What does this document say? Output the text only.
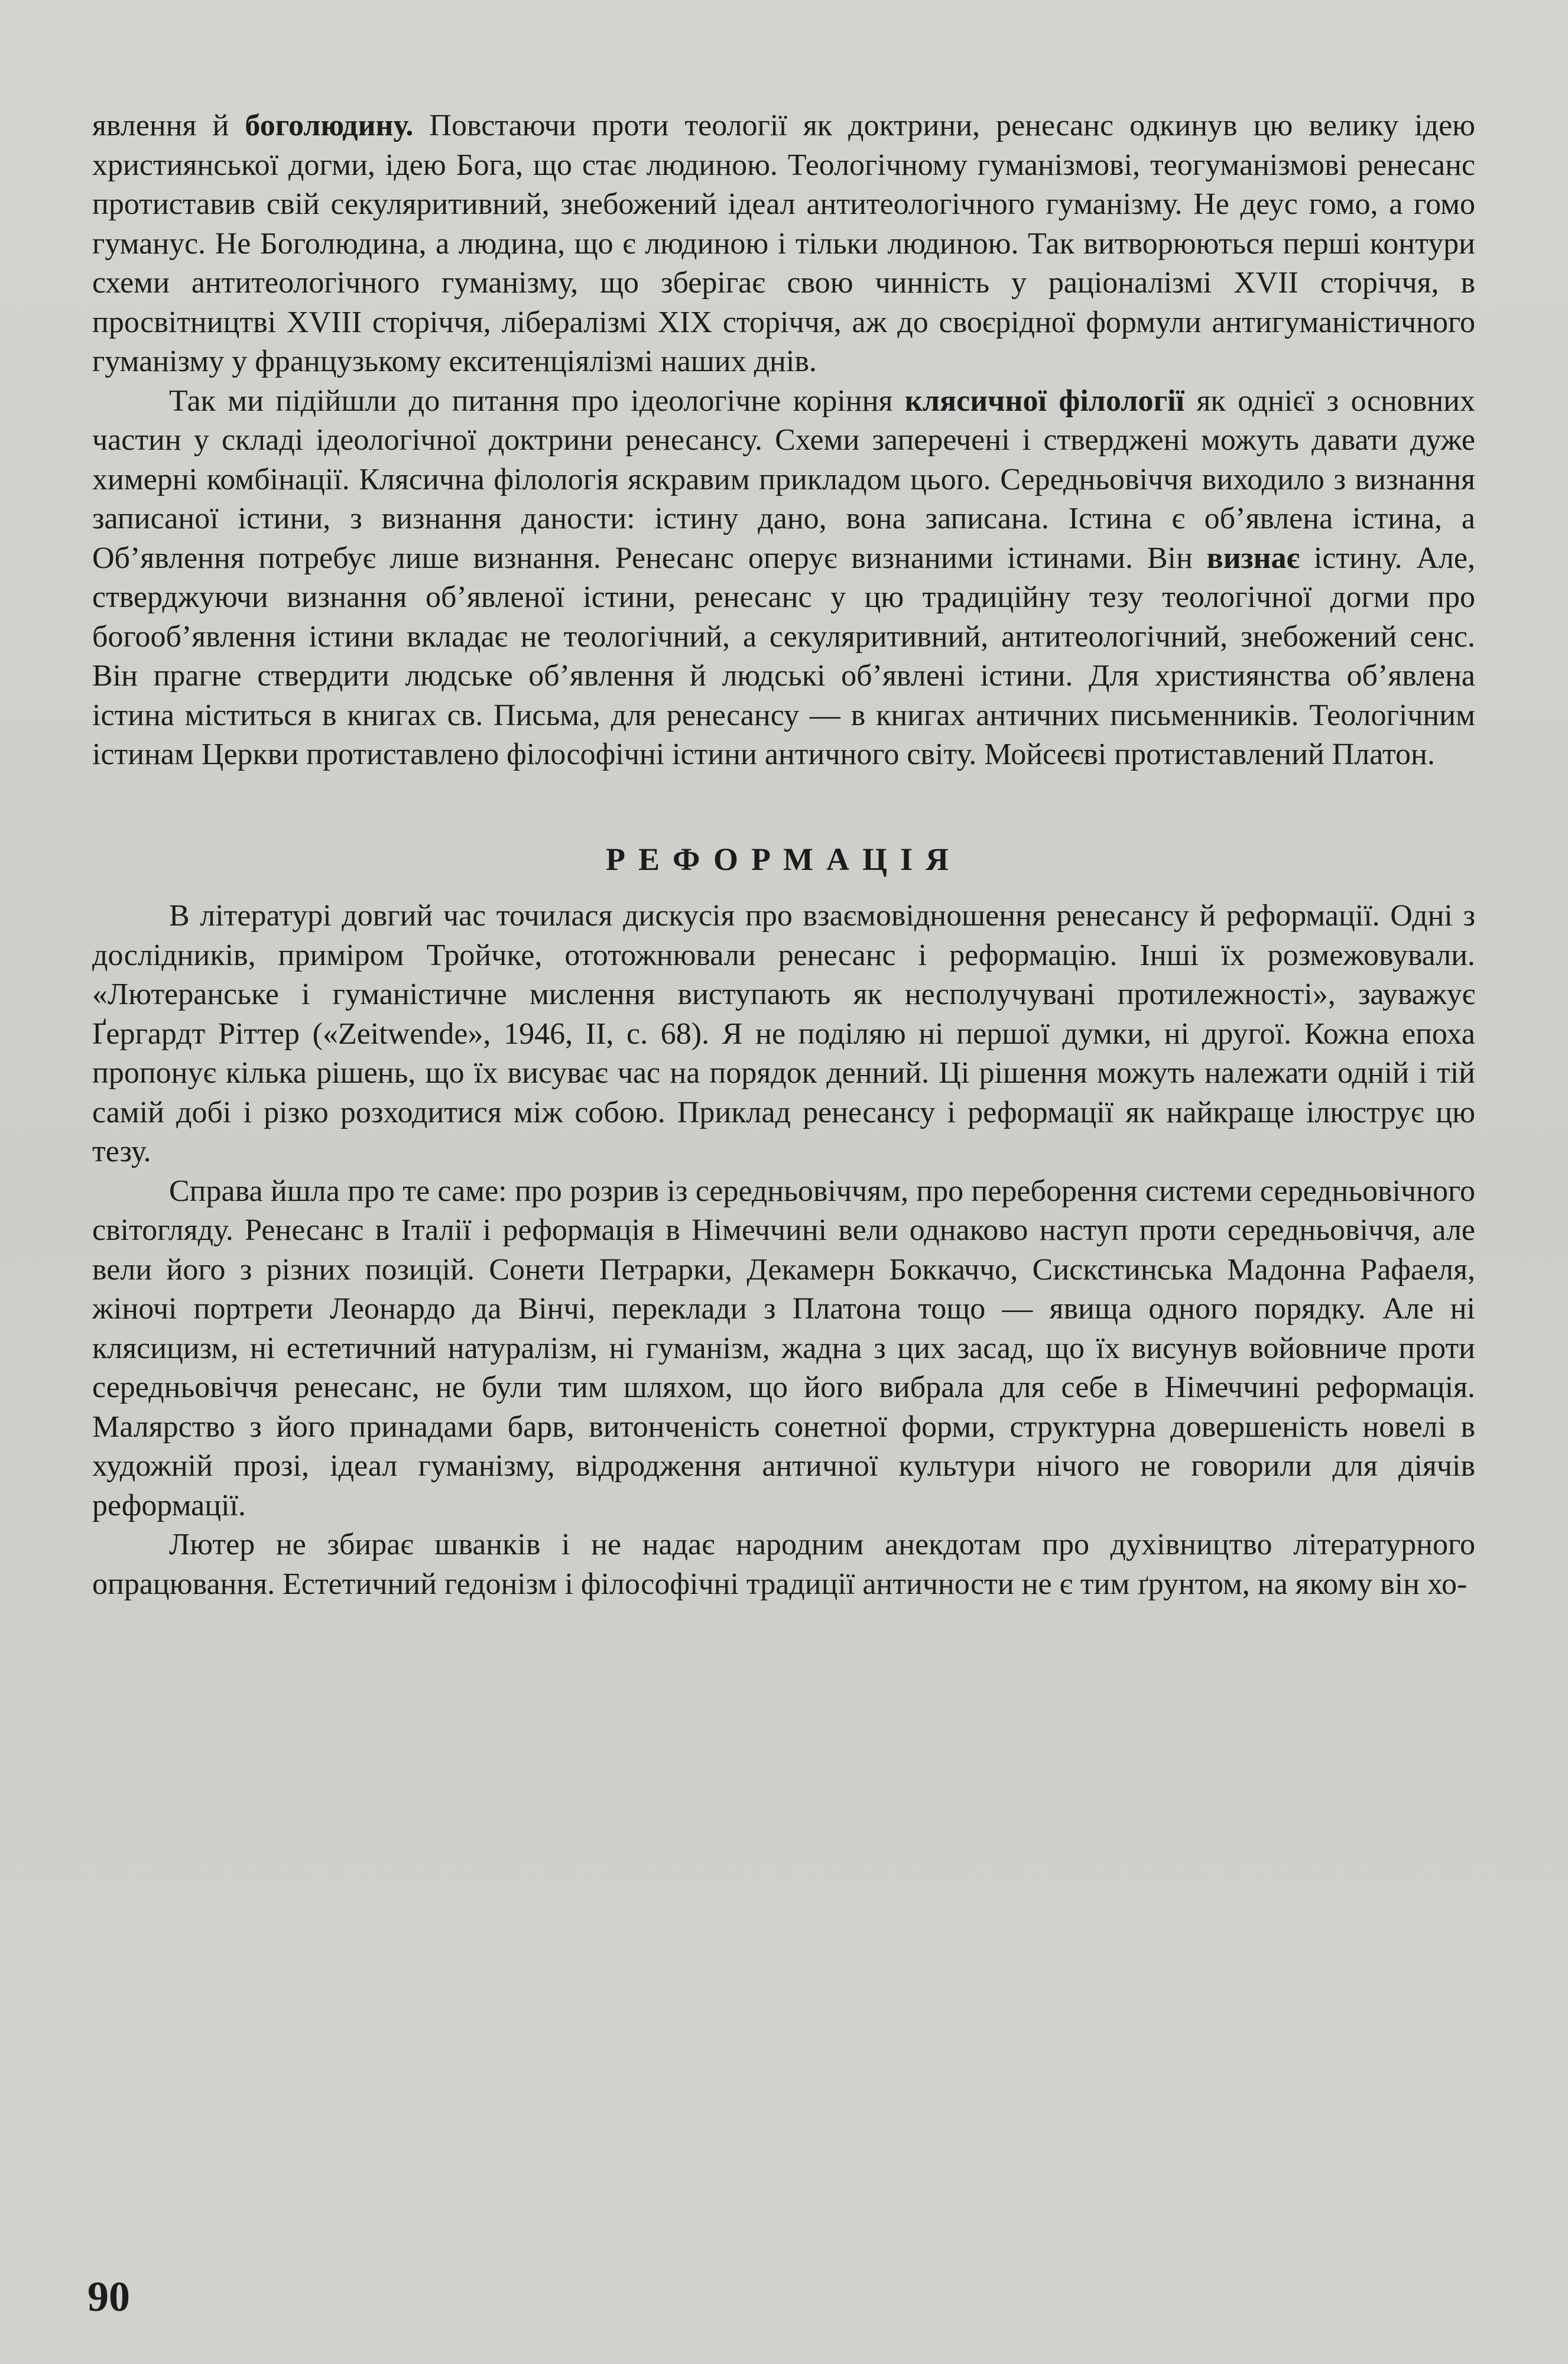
явлення й боголюдину. Повстаючи проти теології як доктрини, ренесанс одкинув цю велику ідею християнської догми, ідею Бога, що стає людиною. Теологічному гуманізмові, теогуманізмові ренесанс протиставив свій секуляритивний, знебожений ідеал антитеологічного гуманізму. Не деус гомо, а гомо гуманус. Не Боголюдина, а людина, що є людиною і тільки людиною. Так витворюються перші контури схеми антитеологічного гуманізму, що зберігає свою чинність у раціоналізмі XVII сторіччя, в просвітництві XVIII сторіччя, лібералізмі XIX сторіччя, аж до своєрідної формули антигуманістичного гуманізму у французькому екситенціялізмі наших днів.

Так ми підійшли до питання про ідеологічне коріння клясичної філології як однієї з основних частин у складі ідеологічної доктрини ренесансу. Схеми заперечені і стверджені можуть давати дуже химерні комбінації. Клясична філологія яскравим прикладом цього. Середньовіччя виходило з визнання записаної істини, з визнання даности: істину дано, вона записана. Істина є об’явлена істина, а Об’явлення потребує лише визнання. Ренесанс оперує визнаними істинами. Він визнає істину. Але, стверджуючи визнання об’явленої істини, ренесанс у цю традиційну тезу теологічної догми про богооб’явлення істини вкладає не теологічний, а секуляритивний, антитеологічний, знебожений сенс. Він прагне ствердити людське об’явлення й людські об’явлені істини. Для християнства об’явлена істина міститься в книгах св. Письма, для ренесансу — в книгах античних письменників. Теологічним істинам Церкви протиставлено філософічні істини античного світу. Мойсеєві протиставлений Платон.

РЕФОРМАЦІЯ

В літературі довгий час точилася дискусія про взаємовідношення ренесансу й реформації. Одні з дослідників, приміром Тройчке, ототожнювали ренесанс і реформацію. Інші їх розмежовували. «Лютеранське і гуманістичне мислення виступають як несполучувані протилежності», зауважує Ґергардт Ріттер («Zeitwende», 1946, II, с. 68). Я не поділяю ні першої думки, ні другої. Кожна епоха пропонує кілька рішень, що їх висуває час на порядок денний. Ці рішення можуть належати одній і тій самій добі і різко розходитися між собою. Приклад ренесансу і реформації як найкраще ілюструє цю тезу.

Справа йшла про те саме: про розрив із середньовіччям, про переборення системи середньовічного світогляду. Ренесанс в Італії і реформація в Німеччині вели однаково наступ проти середньовіччя, але вели його з різних позицій. Сонети Петрарки, Декамерн Боккаччо, Сискстинська Мадонна Рафаеля, жіночі портрети Леонардо да Вінчі, переклади з Платона тощо — явища одного порядку. Але ні клясицизм, ні естетичний натуралізм, ні гуманізм, жадна з цих засад, що їх висунув войовниче проти середньовіччя ренесанс, не були тим шляхом, що його вибрала для себе в Німеччині реформація. Малярство з його принадами барв, витонченість сонетної форми, структурна довершеність новелі в художній прозі, ідеал гуманізму, відродження античної культури нічого не говорили для діячів реформації.

Лютер не збирає шванків і не надає народним анекдотам про духівництво літературного опрацювання. Естетичний гедонізм і філософічні традиції античности не є тим ґрунтом, на якому він хо-

90
